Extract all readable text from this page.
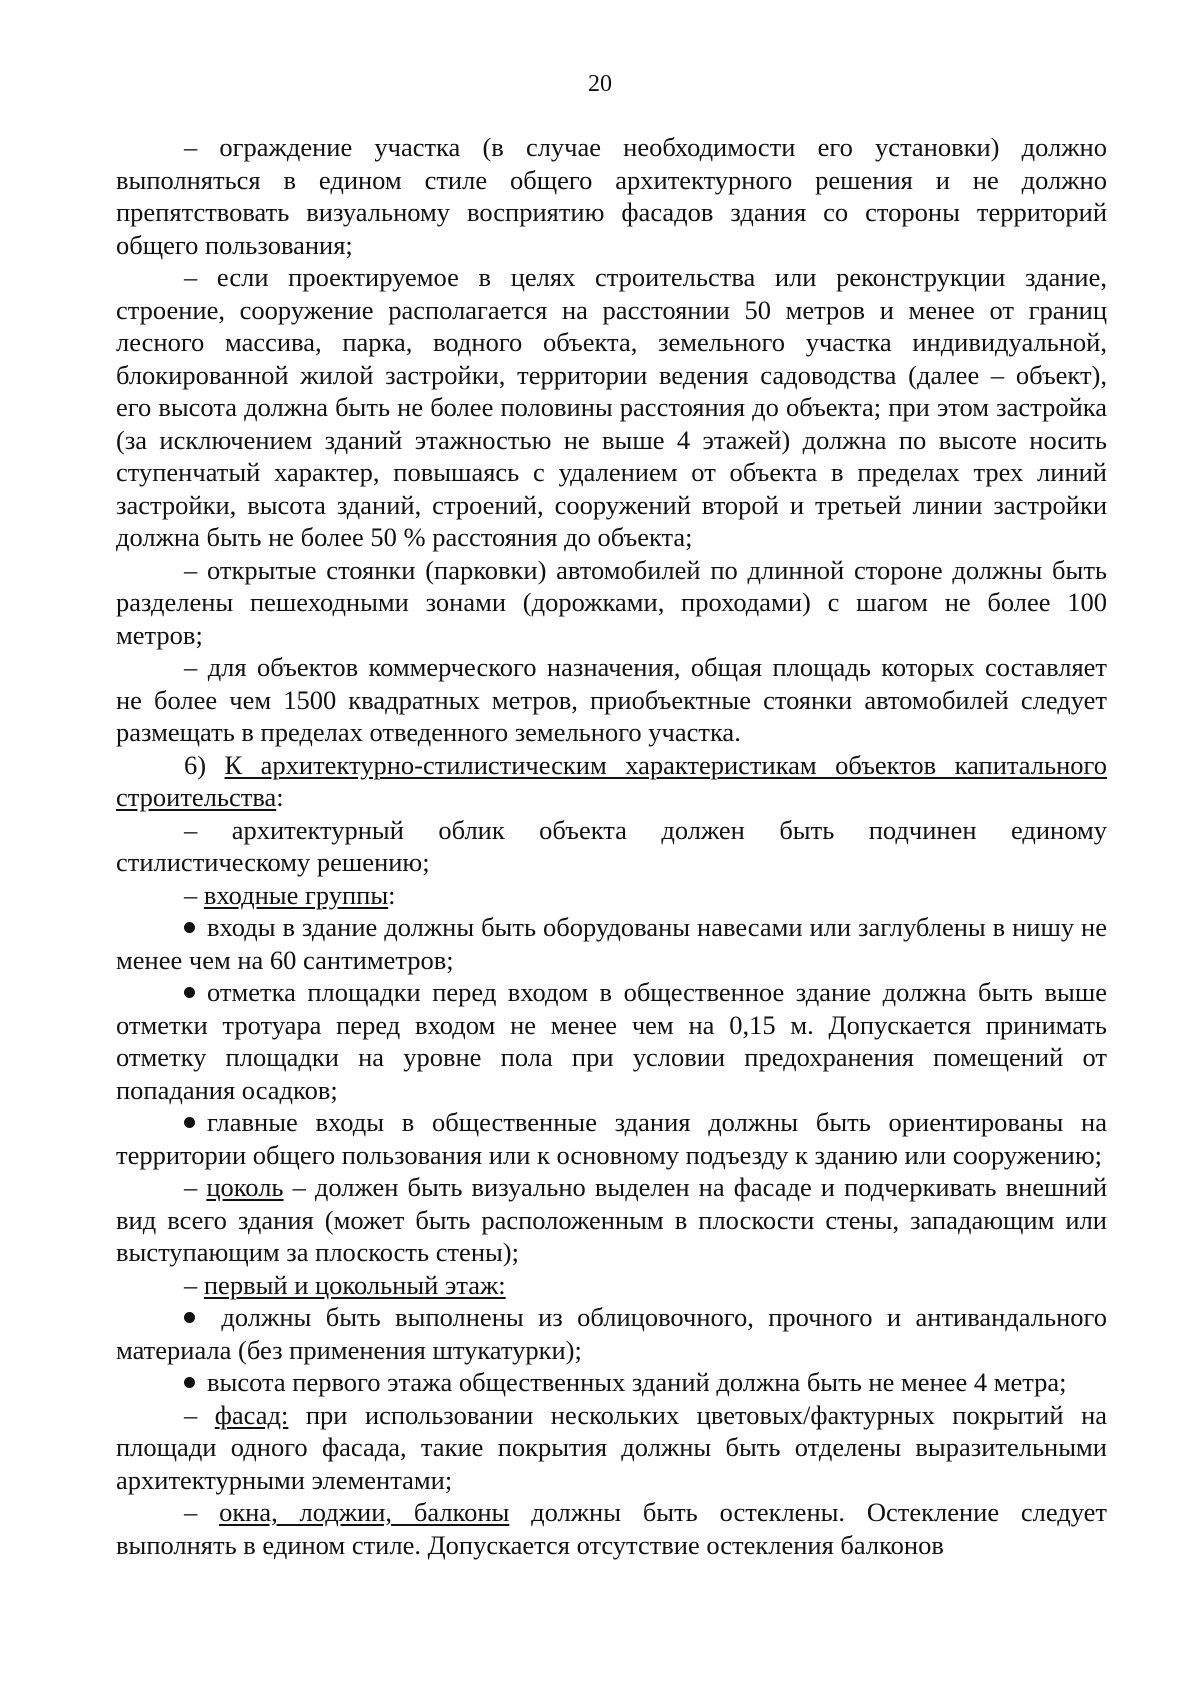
20

– ограждение участка (в случае необходимости его установки) должно выполняться в едином стиле общего архитектурного решения и не должно препятствовать визуальному восприятию фасадов здания со стороны территорий общего пользования;

– если проектируемое в целях строительства или реконструкции здание, строение, сооружение располагается на расстоянии 50 метров и менее от границ лесного массива, парка, водного объекта, земельного участка индивидуальной, блокированной жилой застройки, территории ведения садоводства (далее – объект), его высота должна быть не более половины расстояния до объекта; при этом застройка (за исключением зданий этажностью не выше 4 этажей) должна по высоте носить ступенчатый характер, повышаясь с удалением от объекта в пределах трех линий застройки, высота зданий, строений, сооружений второй и третьей линии застройки должна быть не более 50 % расстояния до объекта;

– открытые стоянки (парковки) автомобилей по длинной стороне должны быть разделены пешеходными зонами (дорожками, проходами) с шагом не более 100 метров;

– для объектов коммерческого назначения, общая площадь которых составляет не более чем 1500 квадратных метров, приобъектные стоянки автомобилей следует размещать в пределах отведенного земельного участка.

6) К архитектурно-стилистическим характеристикам объектов капитального строительства:

– архитектурный облик объекта должен быть подчинен единому стилистическому решению;

– входные группы:

входы в здание должны быть оборудованы навесами или заглублены в нишу не менее чем на 60 сантиметров;

отметка площадки перед входом в общественное здание должна быть выше отметки тротуара перед входом не менее чем на 0,15 м. Допускается принимать отметку площадки на уровне пола при условии предохранения помещений от попадания осадков;

главные входы в общественные здания должны быть ориентированы на территории общего пользования или к основному подъезду к зданию или сооружению;

– цоколь – должен быть визуально выделен на фасаде и подчеркивать внешний вид всего здания (может быть расположенным в плоскости стены, западающим или выступающим за плоскость стены);

– первый и цокольный этаж:

должны быть выполнены из облицовочного, прочного и антивандального материала (без применения штукатурки);

высота первого этажа общественных зданий должна быть не менее 4 метра;

– фасад: при использовании нескольких цветовых/фактурных покрытий на площади одного фасада, такие покрытия должны быть отделены выразительными архитектурными элементами;

– окна, лоджии, балконы должны быть остеклены. Остекление следует выполнять в едином стиле. Допускается отсутствие остекления балконов
